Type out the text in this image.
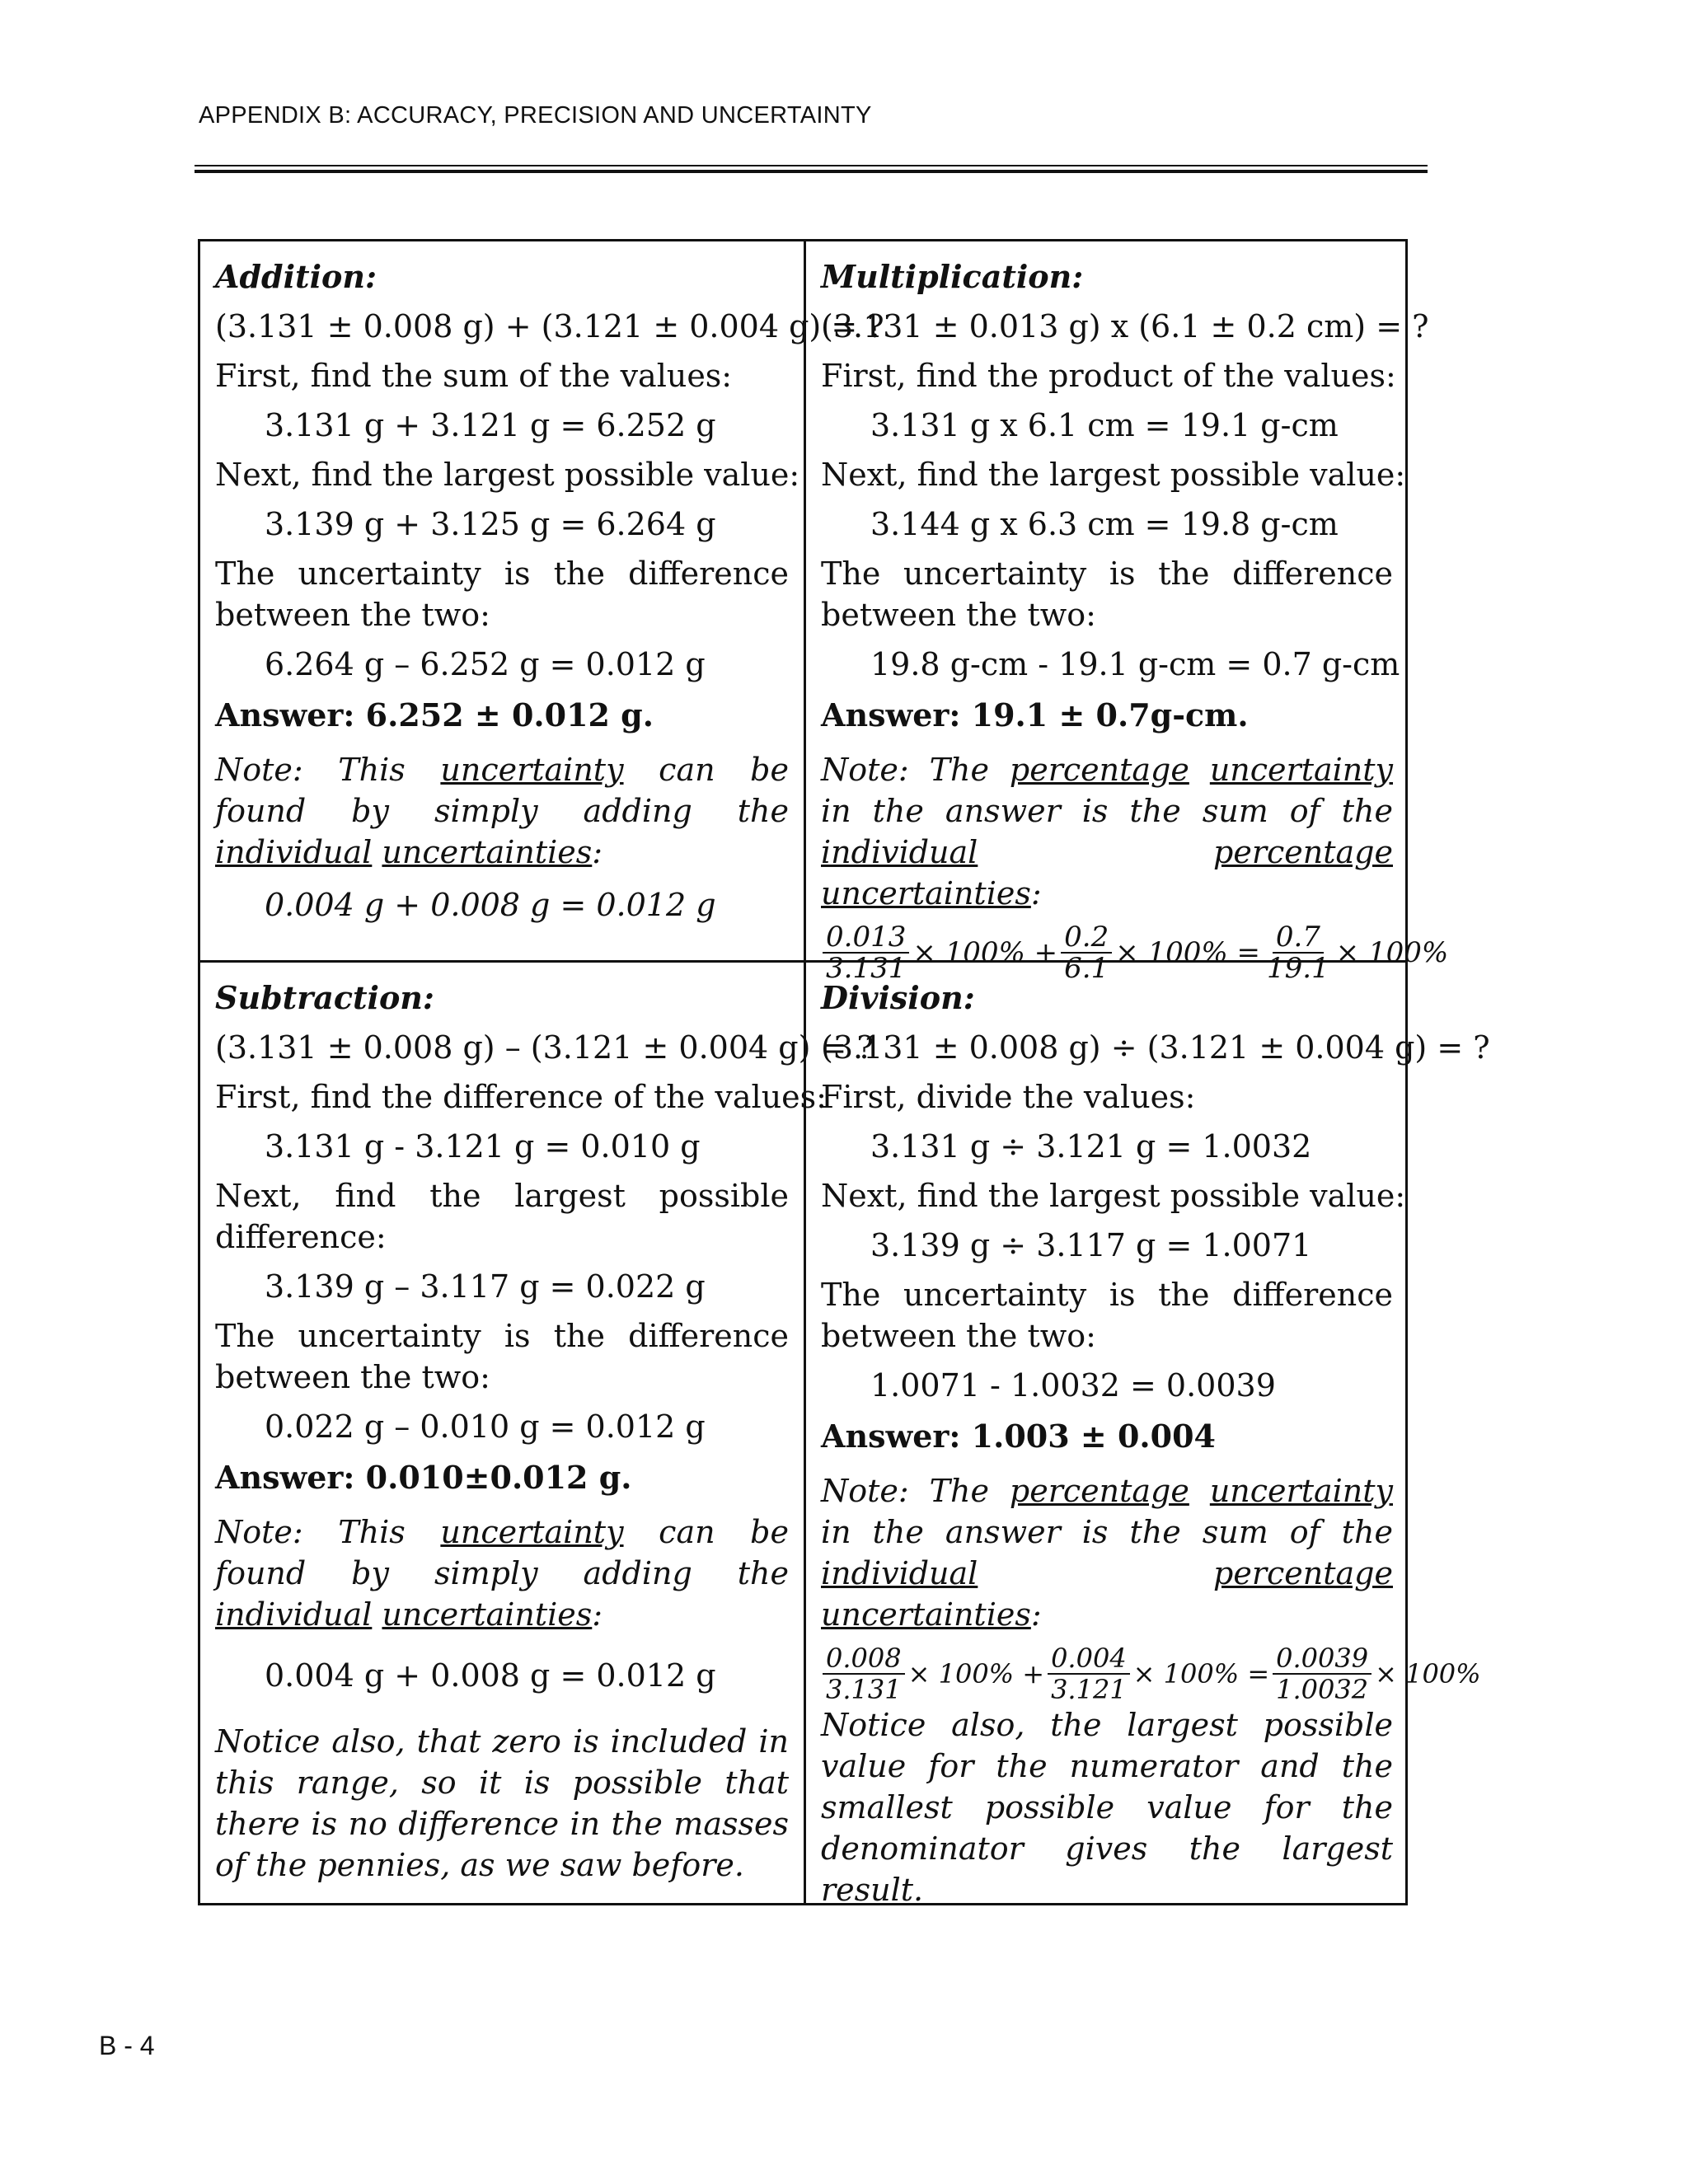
APPENDIX B: ACCURACY, PRECISION AND UNCERTAINTY
Addition:
(3.131 ± 0.008 g) + (3.121 ± 0.004 g) = ?
First, find the sum of the values:
3.131 g + 3.121 g = 6.252 g
Next, find the largest possible value:
3.139 g + 3.125 g = 6.264 g
The uncertainty is the difference
between the two:
6.264 g – 6.252 g = 0.012 g
Answer: 6.252 ± 0.012 g.
Note: This uncertainty can be found by simply adding the individual uncertainties:
0.004 g + 0.008 g = 0.012 g
Multiplication:
(3.131 ± 0.013 g) x (6.1 ± 0.2 cm) = ?
First, find the product of the values:
3.131 g x 6.1 cm = 19.1 g-cm
Next, find the largest possible value:
3.144 g x 6.3 cm = 19.8 g-cm
The uncertainty is the difference
between the two:
19.8 g-cm - 19.1 g-cm = 0.7 g-cm
Answer: 19.1 ± 0.7g-cm.
Note: The percentage uncertainty in the answer is the sum of the individual	percentage uncertainties:
$\frac{0.013}{3.131} \times 100\% + \frac{0.2}{6.1} \times 100\% = \frac{0.7}{19.1} \times 100\%$
Subtraction:
(3.131 ± 0.008 g) – (3.121 ± 0.004 g) = ?
First, find the difference of the values:
3.131 g - 3.121 g = 0.010 g
Next, find the largest possible
difference:
3.139 g – 3.117 g = 0.022 g
The uncertainty is the difference
between the two:
0.022 g – 0.010 g = 0.012 g
Answer: 0.010±0.012 g.
Note: This uncertainty can be found by simply adding the individual uncertainties:
0.004 g + 0.008 g = 0.012 g
Notice also, that zero is included in this range, so it is possible that there is no difference in the masses of the pennies, as we saw before.
Division:
(3.131 ± 0.008 g) ÷ (3.121 ± 0.004 g) = ?
First, divide the values:
3.131 g ÷ 3.121 g = 1.0032
Next, find the largest possible value:
3.139 g ÷ 3.117 g = 1.0071
The uncertainty is the difference
between the two:
1.0071 - 1.0032 = 0.0039
Answer: 1.003 ± 0.004
Note: The percentage uncertainty in the answer is the sum of the individual	percentage uncertainties:
$\frac{0.008}{3.131} \times 100\% + \frac{0.004}{3.121} \times 100\% = \frac{0.0039}{1.0032} \times 100\%$
Notice also, the largest possible value for the numerator and the smallest possible value for the denominator gives the largest result.
B - 4
